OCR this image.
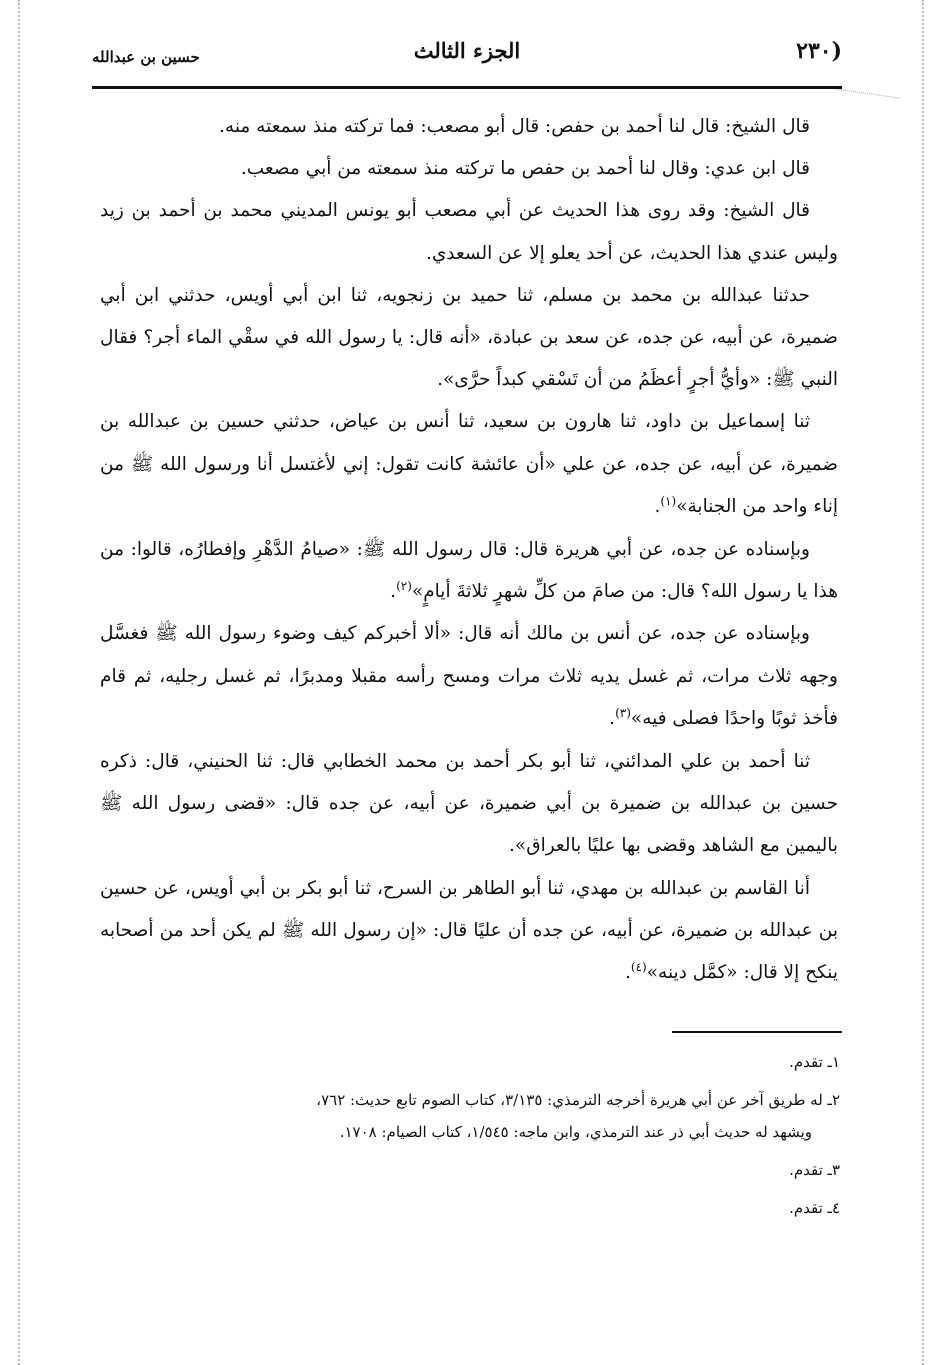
(٢٣٠
الجزء الثالث
حسين بن عبدالله

قال الشيخ: قال لنا أحمد بن حفص: قال أبو مصعب: فما تركته منذ سمعته منه.

قال ابن عدي: وقال لنا أحمد بن حفص ما تركته منذ سمعته من أبي مصعب.

قال الشيخ: وقد روى هذا الحديث عن أبي مصعب أبو يونس المديني محمد بن أحمد بن زيد وليس عندي هذا الحديث، عن أحد يعلو إلا عن السعدي.

حدثنا عبدالله بن محمد بن مسلم، ثنا حميد بن زنجويه، ثنا ابن أبي أويس، حدثني ابن أبي ضميرة، عن أبيه، عن جده، عن سعد بن عبادة، «أنه قال: يا رسول الله في سقْي الماء أجر؟ فقال النبي ﷺ: «وأيُّ أجرٍ أعظَمُ من أن تَسْقي كبداً حرَّى».

ثنا إسماعيل بن داود، ثنا هارون بن سعيد، ثنا أنس بن عياض، حدثني حسين بن عبدالله بن ضميرة، عن أبيه، عن جده، عن علي «أن عائشة كانت تقول: إني لأغتسل أنا ورسول الله ﷺ من إناء واحد من الجنابة»$^{(١)}$.

وبإسناده عن جده، عن أبي هريرة قال: قال رسول الله ﷺ: «صيامُ الدَّهْرِ وإفطارُه، قالوا: من هذا يا رسول الله؟ قال: من صامَ من كلِّ شهرٍ ثلاثةَ أيامٍ»$^{(٢)}$.

وبإسناده عن جده، عن أنس بن مالك أنه قال: «ألا أخبركم كيف وضوء رسول الله ﷺ فغسَّل وجهه ثلاث مرات، ثم غسل يديه ثلاث مرات ومسح رأسه مقبلا ومدبرًا، ثم غسل رجليه، ثم قام فأخذ ثوبًا واحدًا فصلى فيه»$^{(٣)}$.

ثنا أحمد بن علي المدائني، ثنا أبو بكر أحمد بن محمد الخطابي قال: ثنا الحنيني، قال: ذكره حسين بن عبدالله بن ضميرة بن أبي ضميرة، عن أبيه، عن جده قال: «قضى رسول الله ﷺ باليمين مع الشاهد وقضى بها عليًا بالعراق».

أنا القاسم بن عبدالله بن مهدي، ثنا أبو الطاهر بن السرح، ثنا أبو بكر بن أبي أويس، عن حسين بن عبدالله بن ضميرة، عن أبيه، عن جده أن عليًا قال: «إن رسول الله ﷺ لم يكن أحد من أصحابه ينكح إلا قال: «كمَّل دينه»$^{(٤)}$.

١ـ تقدم.

٢ـ له طريق آخر عن أبي هريرة أخرجه الترمذي: ٣/١٣٥، كتاب الصوم تابع حديث: ٧٦٢،

ويشهد له حديث أبي ذر عند الترمذي، وابن ماجه: ١/٥٤٥، كتاب الصيام: ١٧٠٨.

٣ـ تقدم.

٤ـ تقدم.
